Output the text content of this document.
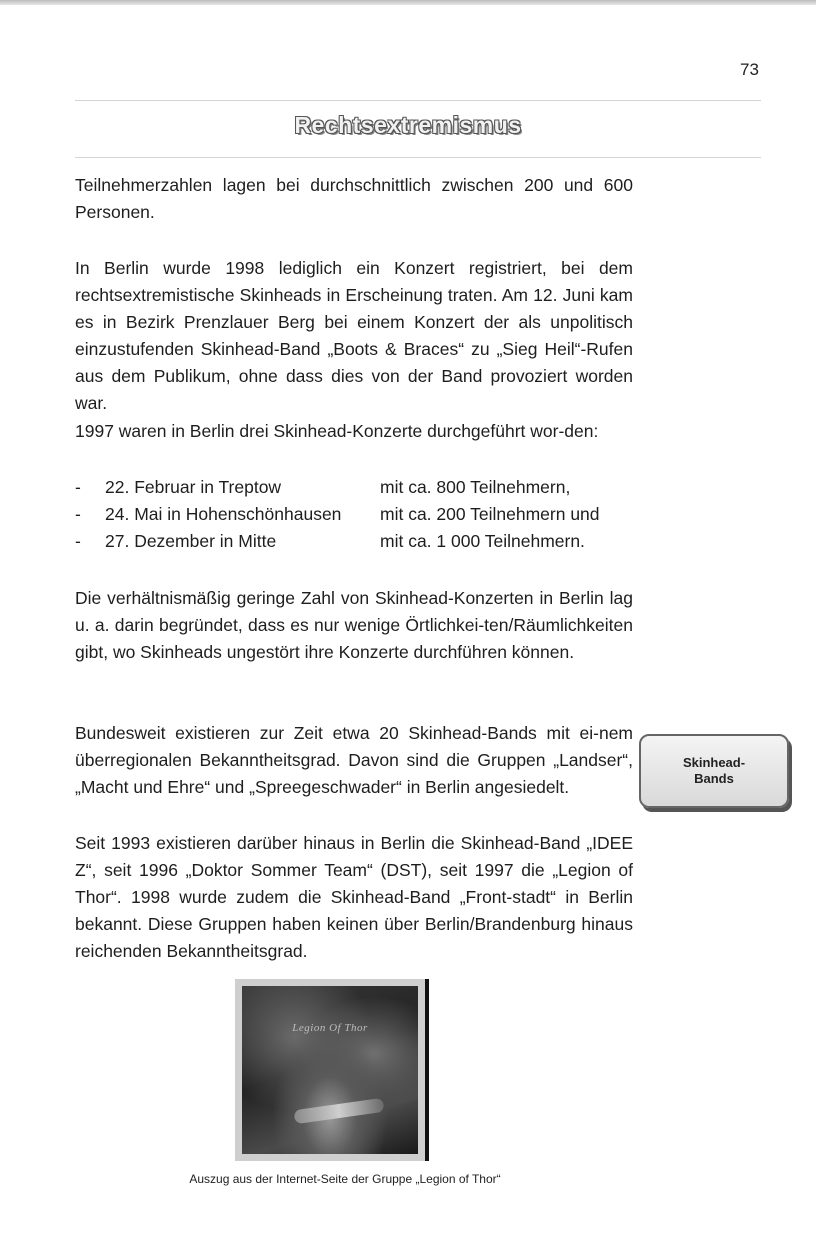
73
Rechtsextremismus

Teilnehmerzahlen lagen bei durchschnittlich zwischen 200 und 600 Personen.

In Berlin wurde 1998 lediglich ein Konzert registriert, bei dem rechtsextremistische Skinheads in Erscheinung traten. Am 12. Juni kam es in Bezirk Prenzlauer Berg bei einem Konzert der als unpolitisch einzustufenden Skinhead-Band „Boots & Braces“ zu „Sieg Heil“-Rufen aus dem Publikum, ohne dass dies von der Band provoziert worden war.

1997 waren in Berlin drei Skinhead-Konzerte durchgeführt wor-den:

-	22. Februar in Treptow	mit ca. 800 Teilnehmern,
-	24. Mai in Hohenschönhausen	mit ca. 200 Teilnehmern und
-	27. Dezember in Mitte	mit ca. 1 000 Teilnehmern.

Die verhältnismäßig geringe Zahl von Skinhead-Konzerten in Berlin lag u. a. darin begründet, dass es nur wenige Örtlichkei-ten/Räumlichkeiten gibt, wo Skinheads ungestört ihre Konzerte durchführen können.

Bundesweit existieren zur Zeit etwa 20 Skinhead-Bands mit ei-nem überregionalen Bekanntheitsgrad. Davon sind die Gruppen „Landser“, „Macht und Ehre“ und „Spreegeschwader“ in Berlin angesiedelt.

Seit 1993 existieren darüber hinaus in Berlin die Skinhead-Band „IDEE Z“, seit 1996 „Doktor Sommer Team“ (DST), seit 1997 die „Legion of Thor“. 1998 wurde zudem die Skinhead-Band „Front-stadt“ in Berlin bekannt. Diese Gruppen haben keinen über Berlin/Brandenburg hinaus reichenden Bekanntheitsgrad.

Skinhead-
Bands
Legion Of Thor
Auszug aus der Internet-Seite der Gruppe „Legion of Thor“
